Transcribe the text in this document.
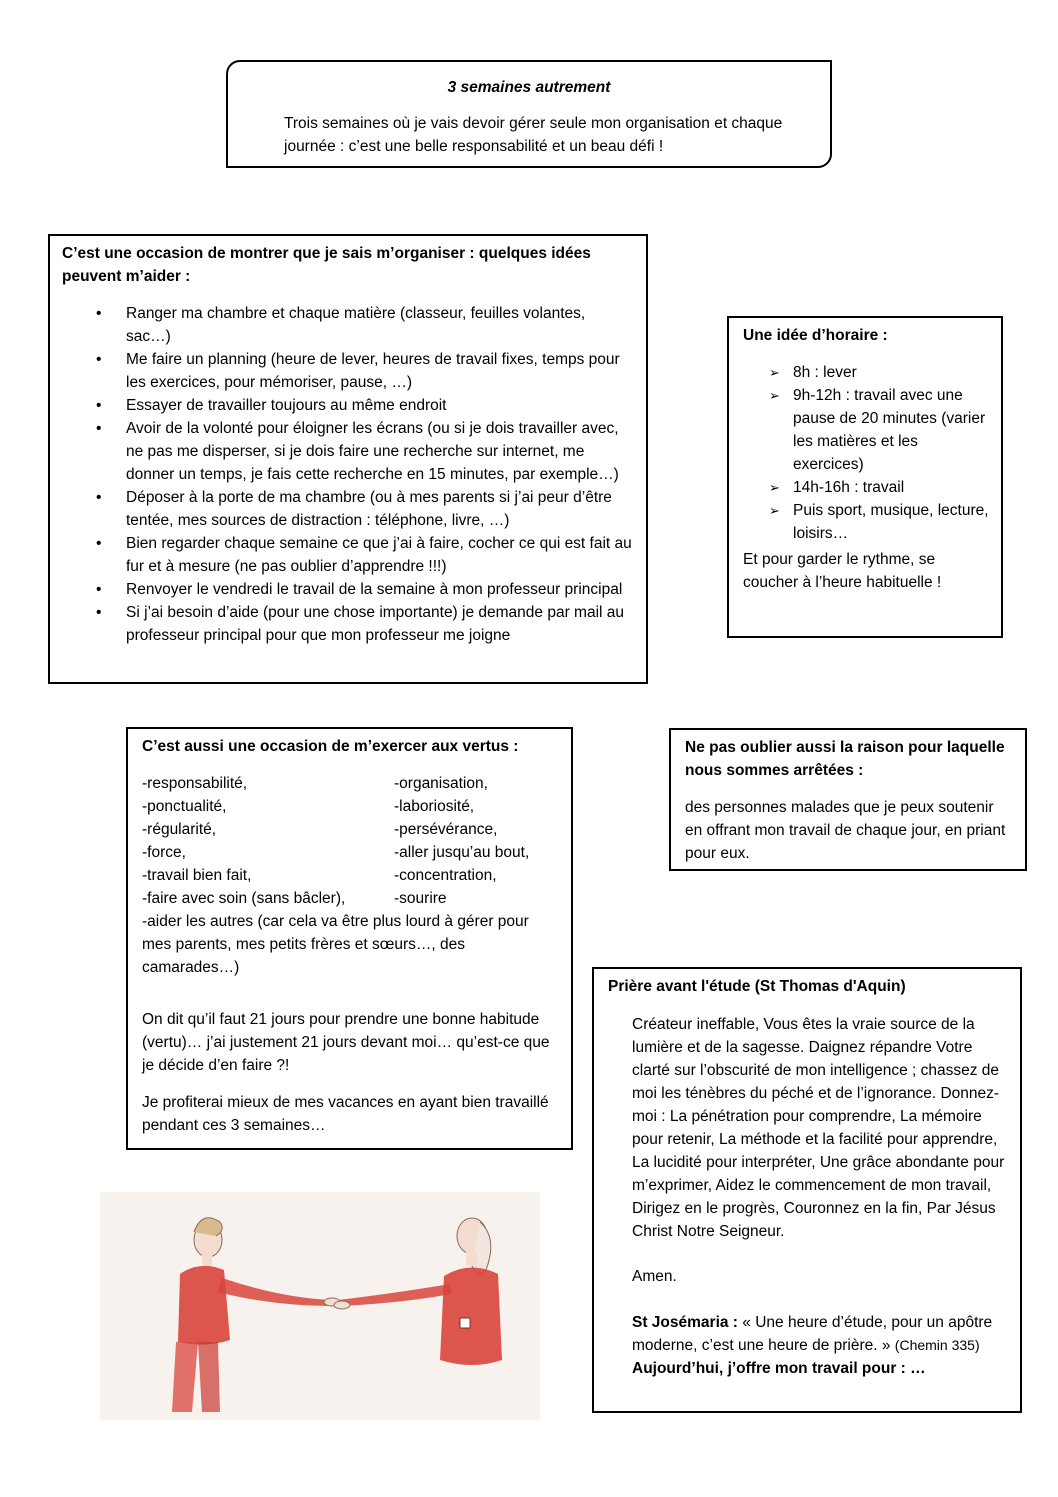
3 semaines autrement

Trois semaines où je vais devoir gérer seule mon organisation et chaque journée : c’est une belle responsabilité et un beau défi !

C’est une occasion de montrer que je sais m’organiser : quelques idées peuvent m’aider :
• Ranger ma chambre et chaque matière (classeur, feuilles volantes, sac…)
• Me faire un planning (heure de lever, heures de travail fixes, temps pour les exercices, pour mémoriser, pause, …)
• Essayer de travailler toujours au même endroit
• Avoir de la volonté pour éloigner les écrans (ou si je dois travailler avec, ne pas me disperser, si je dois faire une recherche sur internet, me donner un temps, je fais cette recherche en 15 minutes, par exemple…)
• Déposer à la porte de ma chambre (ou à mes parents si j’ai peur d’être tentée, mes sources de distraction : téléphone, livre, …)
• Bien regarder chaque semaine ce que j’ai à faire, cocher ce qui est fait au fur et à mesure (ne pas oublier d’apprendre !!!)
• Renvoyer le vendredi le travail de la semaine à mon professeur principal
• Si j’ai besoin d’aide (pour une chose importante) je demande par mail au professeur principal pour que mon professeur me joigne
Une idée d’horaire :
➢ 8h : lever
➢ 9h-12h : travail avec une pause de 20 minutes (varier les matières et les exercices)
➢ 14h-16h : travail
➢ Puis sport, musique, lecture, loisirs…

Et pour garder le rythme, se coucher à l’heure habituelle !

C’est aussi une occasion de m’exercer aux vertus :
-responsabilité,
-ponctualité,
-régularité,
-force,
-travail bien fait,
-faire avec soin (sans bâcler),
-organisation,
-laboriosité,
-persévérance,
-aller jusqu’au bout,
-concentration,
-sourire

-aider les autres (car cela va être plus lourd à gérer pour mes parents, mes petits frères et sœurs…, des camarades…)

On dit qu’il faut 21 jours pour prendre une bonne habitude (vertu)… j’ai justement 21 jours devant moi… qu’est-ce que je décide d’en faire ?!

Je profiterai mieux de mes vacances en ayant bien travaillé pendant ces 3 semaines…

Ne pas oublier aussi la raison pour laquelle nous sommes arrêtées :

des personnes malades que je peux soutenir en offrant mon travail de chaque jour, en priant pour eux.

Prière avant l'étude (St Thomas d'Aquin)

Créateur ineffable, Vous êtes la vraie source de la lumière et de la sagesse. Daignez répandre Votre clarté sur l’obscurité de mon intelligence ; chassez de moi les ténèbres du péché et de l’ignorance. Donnez-moi : La pénétration pour comprendre, La mémoire pour retenir, La méthode et la facilité pour apprendre, La lucidité pour interpréter, Une grâce abondante pour m’exprimer, Aidez le commencement de mon travail, Dirigez en le progrès, Couronnez en la fin, Par Jésus Christ Notre Seigneur.

Amen.

St Josémaria : « Une heure d’étude, pour un apôtre moderne, c’est une heure de prière. » (Chemin 335)

Aujourd’hui, j’offre mon travail pour : …
